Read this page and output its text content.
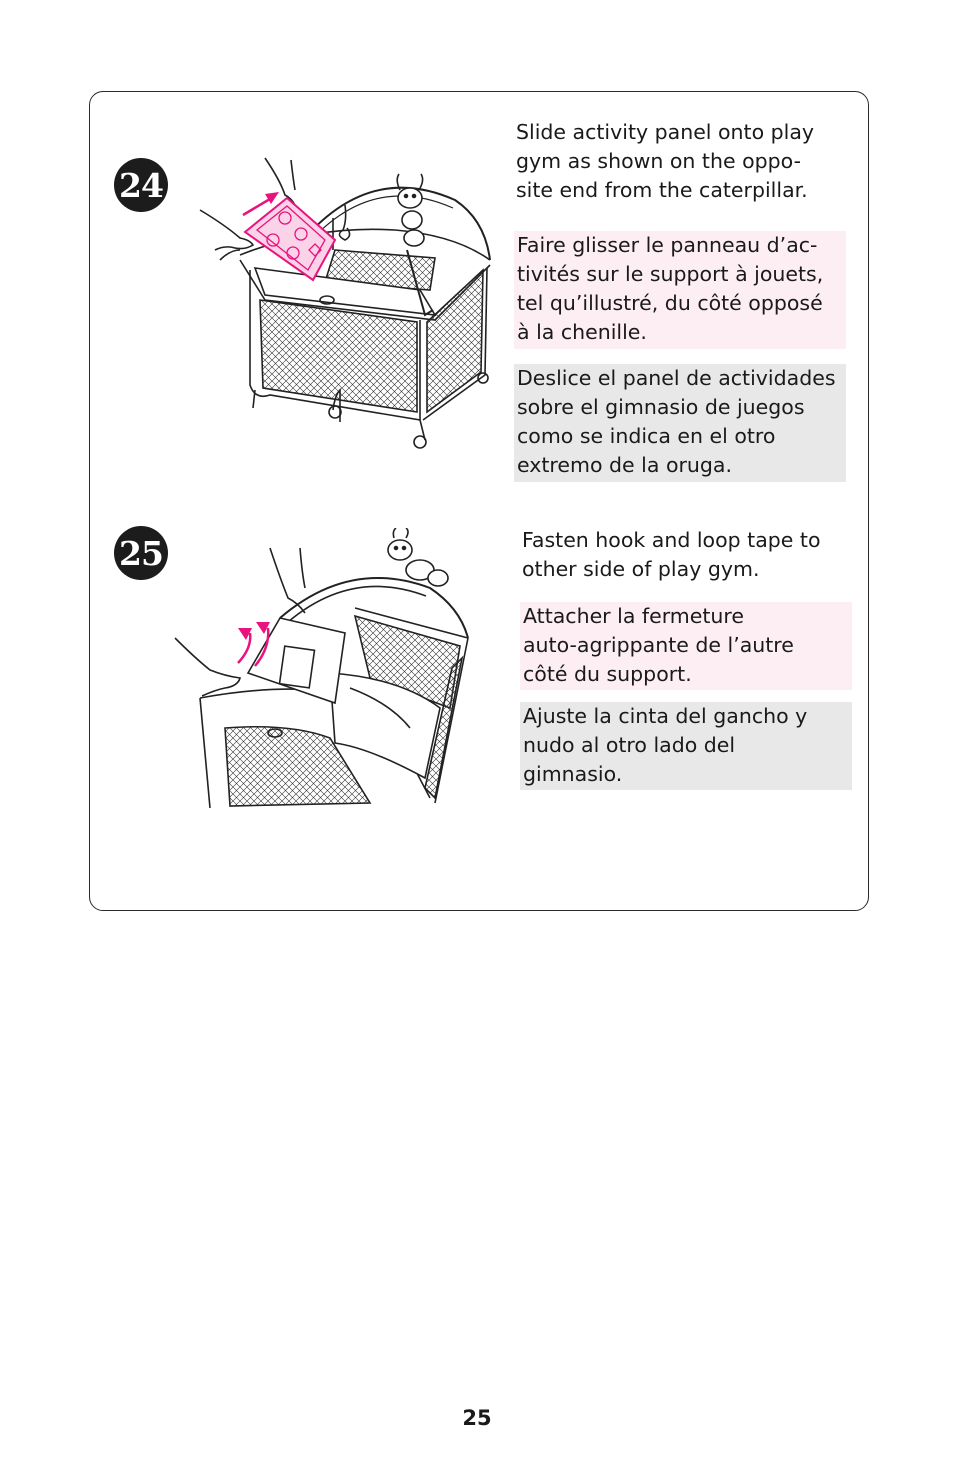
24

Slide activity panel onto play
gym as shown on the oppo-
site end from the caterpillar.

Faire glisser le panneau d’ac-
tivités sur le support à jouets,
tel qu’illustré, du côté opposé
à la chenille.

Deslice el panel de actividades
sobre el gimnasio de juegos
como se indica en el otro
extremo de la oruga.

25	Fasten hook and loop tape to
other side of play gym.

Attacher la fermeture
auto-agrippante de l’autre
côté du support.

Ajuste la cinta del gancho y
nudo al otro lado del
gimnasio.

25
